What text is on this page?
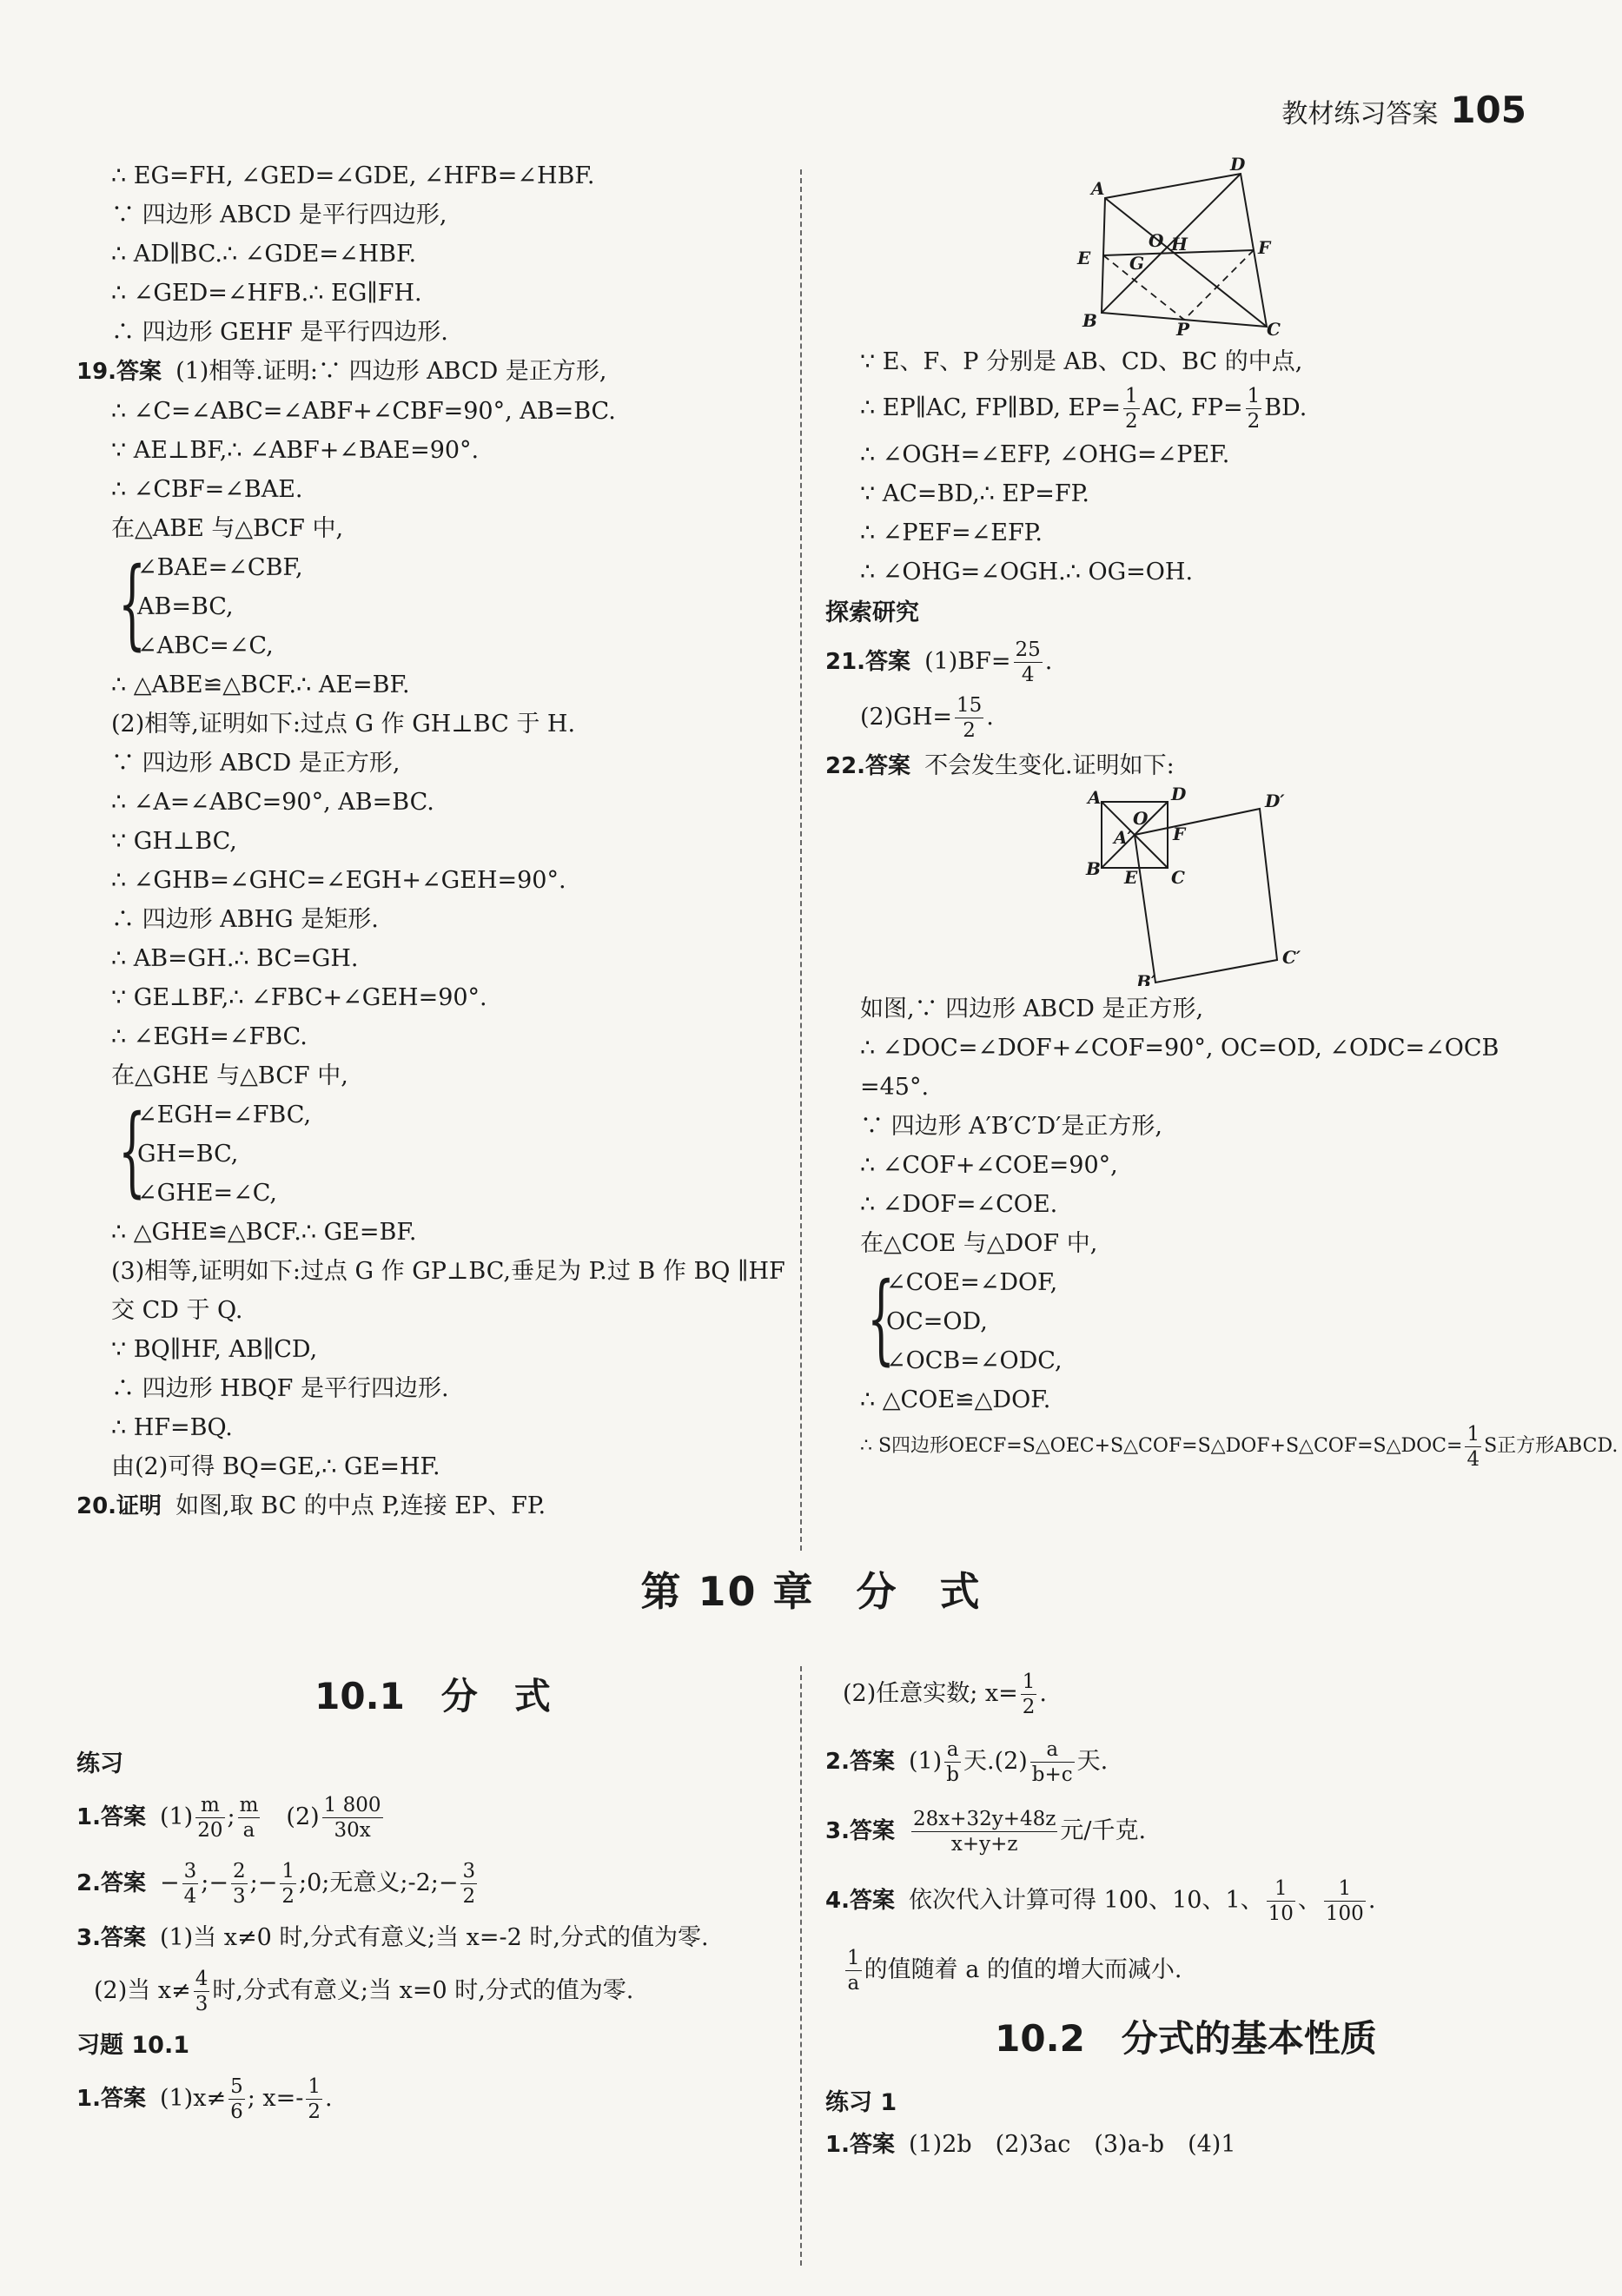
教材练习答案 105
∴ EG=FH, ∠GED=∠GDE, ∠HFB=∠HBF.
∵ 四边形 ABCD 是平行四边形,
∴ AD∥BC.∴ ∠GDE=∠HBF.
∴ ∠GED=∠HFB.∴ EG∥FH.
∴ 四边形 GEHF 是平行四边形.
19.答案 (1)相等.证明:∵ 四边形 ABCD 是正方形,
∴ ∠C=∠ABC=∠ABF+∠CBF=90°, AB=BC.
∵ AE⊥BF,∴ ∠ABF+∠BAE=90°.
∴ ∠CBF=∠BAE.
在△ABE 与△BCF 中,
{
∠BAE=∠CBF,
AB=BC,
∠ABC=∠C,
∴ △ABE≌△BCF.∴ AE=BF.
(2)相等,证明如下:过点 G 作 GH⊥BC 于 H.
∵ 四边形 ABCD 是正方形,
∴ ∠A=∠ABC=90°, AB=BC.
∵ GH⊥BC,
∴ ∠GHB=∠GHC=∠EGH+∠GEH=90°.
∴ 四边形 ABHG 是矩形.
∴ AB=GH.∴ BC=GH.
∵ GE⊥BF,∴ ∠FBC+∠GEH=90°.
∴ ∠EGH=∠FBC.
在△GHE 与△BCF 中,
{
∠EGH=∠FBC,
GH=BC,
∠GHE=∠C,
∴ △GHE≌△BCF.∴ GE=BF.
(3)相等,证明如下:过点 G 作 GP⊥BC,垂足为 P.过 B 作 BQ ∥HF 交 CD 于 Q.
∵ BQ∥HF, AB∥CD,
∴ 四边形 HBQF 是平行四边形.
∴ HF=BQ.
由(2)可得 BQ=GE,∴ GE=HF.
20.证明 如图,取 BC 的中点 P,连接 EP、FP.
A
D
O H
E G
F
B	P	C
∵ E、F、P 分别是 AB、CD、BC 的中点,
∴ EP∥AC, FP∥BD, $EP= \frac{1}{2}$ AC, $FP= \frac{1}{2}$ BD.
∴ ∠OGH=∠EFP, ∠OHG=∠PEF.
∵ AC=BD,∴ EP=FP.
∴ ∠PEF=∠EFP.
∴ ∠OHG=∠OGH.∴ OG=OH.
探索研究
21.答案 $(1)BF= \frac{25}{4}$ .
$(2)GH= \frac{15}{2}$ .
22.答案 不会发生变化.证明如下:
A	D	D′
O
A′ F
B E C
B′
C′
如图,∵ 四边形 ABCD 是正方形,
∴ ∠DOC=∠DOF+∠COF=90°, OC=OD, ∠ODC=∠OCB
=45°.
∵ 四边形 A′B′C′D′是正方形,
∴ ∠COF+∠COE=90°,
∴ ∠DOF=∠COE.
在△COE 与△DOF 中,
{
∠COE=∠DOF,
OC=OD,
∠OCB=∠ODC,
∴ △COE≌△DOF.
∴ S四边形OECF=S△OEC+S△COF=S△DOF+S△COF=S△DOC= $\frac{1}{4}$ S正方形ABCD.
第 10 章　分　式
10.1　分　式
练习
1.答案 $(1) \frac{m}{20}$ ; $\frac{m}{a}$
　 $(2) \frac{1 800}{30x}$
2.答案 − $\frac{3}{4}$ ;− $\frac{2}{3}$ ;− $\frac{1}{2}$ ;0;无意义;-2;− $\frac{3}{2}$
3.答案 (1)当 x≠0 时,分式有意义;当 x=-2 时,分式的值为零.
(2)当 $x\ne \frac{4}{3}$ 时,分式有意义;当 x=0 时,分式的值为零.
习题 10.1
1.答案 $(1)x\ne \frac{5}{6}$ ; $x=- \frac{1}{2}$ .
(2)任意实数; $x= \frac{1}{2}$ .
2.答案 $(1) \frac{a}{b}$ 天$.(2) \frac{a}{b+c}$ 天.
3.答案 $\frac{28x+32y+48z}{x+y+z}$ 元/千克.
4.答案 依次代入计算可得 100、10、1、 $\frac{1}{10}$ 、 $\frac{1}{100}$ .
$\frac{1}{a}$ 的值随着 a 的值的增大而减小.
10.2　分式的基本性质
练习 1
1.答案 (1)2b　(2)3ac　(3)a-b　(4)1
